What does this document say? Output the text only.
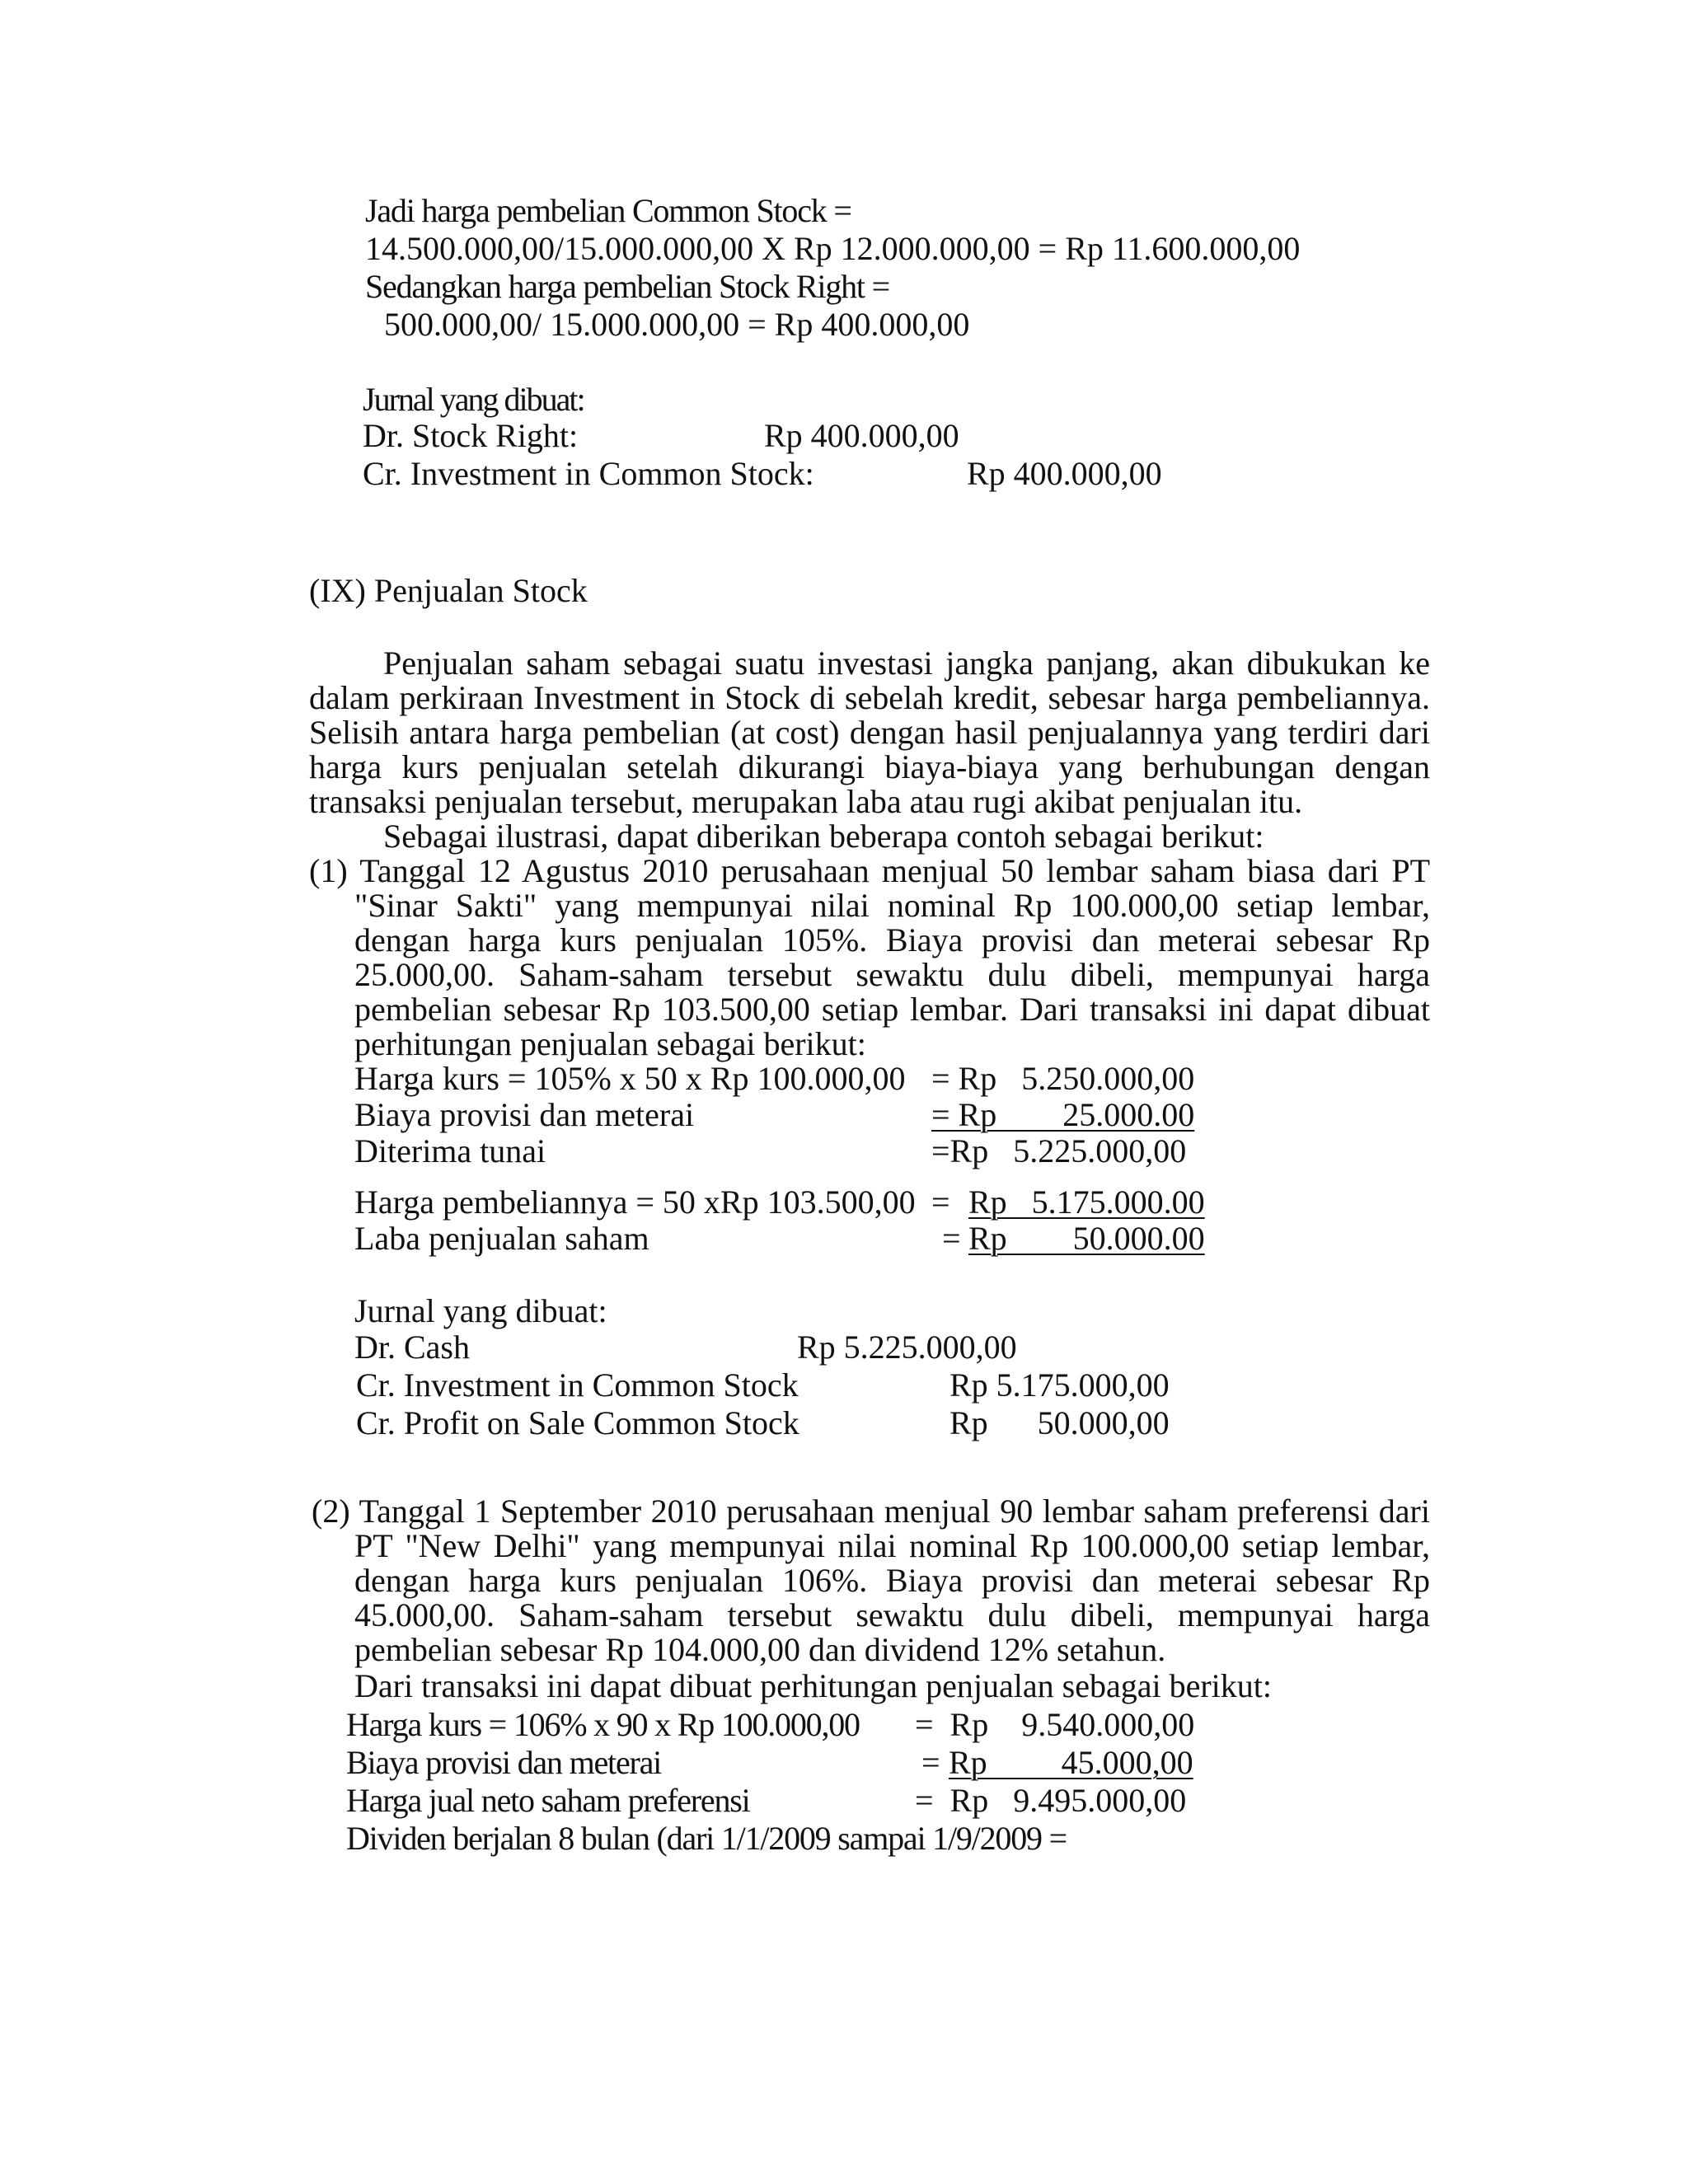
Jadi harga pembelian Common Stock =
14.500.000,00/15.000.000,00 X Rp 12.000.000,00 = Rp 11.600.000,00
Sedangkan harga pembelian Stock Right =
500.000,00/ 15.000.000,00 = Rp 400.000,00
Jurnal yang dibuat:
Dr. Stock Right:	Rp 400.000,00
Cr. Investment in Common Stock:	Rp 400.000,00
(IX) Penjualan Stock
Penjualan saham sebagai suatu investasi jangka panjang, akan dibukukan ke
dalam perkiraan Investment in Stock di sebelah kredit, sebesar harga pembeliannya.
Selisih antara harga pembelian (at cost) dengan hasil penjualannya yang terdiri dari
harga kurs penjualan setelah dikurangi biaya-biaya yang berhubungan dengan
transaksi penjualan tersebut, merupakan laba atau rugi akibat penjualan itu.
Sebagai ilustrasi, dapat diberikan beberapa contoh sebagai berikut:
(1) Tanggal 12 Agustus 2010 perusahaan menjual 50 lembar saham biasa dari PT
"Sinar Sakti" yang mempunyai nilai nominal Rp 100.000,00 setiap lembar,
dengan harga kurs penjualan 105%. Biaya provisi dan meterai sebesar Rp
25.000,00. Saham-saham tersebut sewaktu dulu dibeli, mempunyai harga
pembelian sebesar Rp 103.500,00 setiap lembar. Dari transaksi ini dapat dibuat
perhitungan penjualan sebagai berikut:
Harga kurs = 105% x 50 x Rp 100.000,00 = Rp   5.250.000,00
Biaya provisi dan meterai	= Rp        25.000.00
Diterima tunai	=Rp   5.225.000,00
Harga pembeliannya = 50 xRp 103.500,00 = Rp   5.175.000.00
Laba penjualan saham	= Rp        50.000.00
Jurnal yang dibuat:
Dr. Cash	Rp 5.225.000,00
Cr. Investment in Common Stock	Rp 5.175.000,00
Cr. Profit on Sale Common Stock	Rp      50.000,00
(2) Tanggal 1 September 2010 perusahaan menjual 90 lembar saham preferensi dari
PT "New Delhi" yang mempunyai nilai nominal Rp 100.000,00 setiap lembar,
dengan harga kurs penjualan 106%. Biaya provisi dan meterai sebesar Rp
45.000,00. Saham-saham tersebut sewaktu dulu dibeli, mempunyai harga
pembelian sebesar Rp 104.000,00 dan dividend 12% setahun.
Dari transaksi ini dapat dibuat perhitungan penjualan sebagai berikut:
Harga kurs = 106% x 90 x Rp 100.000,00 =  Rp    9.540.000,00
Biaya provisi dan meterai	= Rp         45.000,00
Harga jual neto saham preferensi	=  Rp   9.495.000,00
Dividen berjalan 8 bulan (dari 1/1/2009 sampai 1/9/2009 =
